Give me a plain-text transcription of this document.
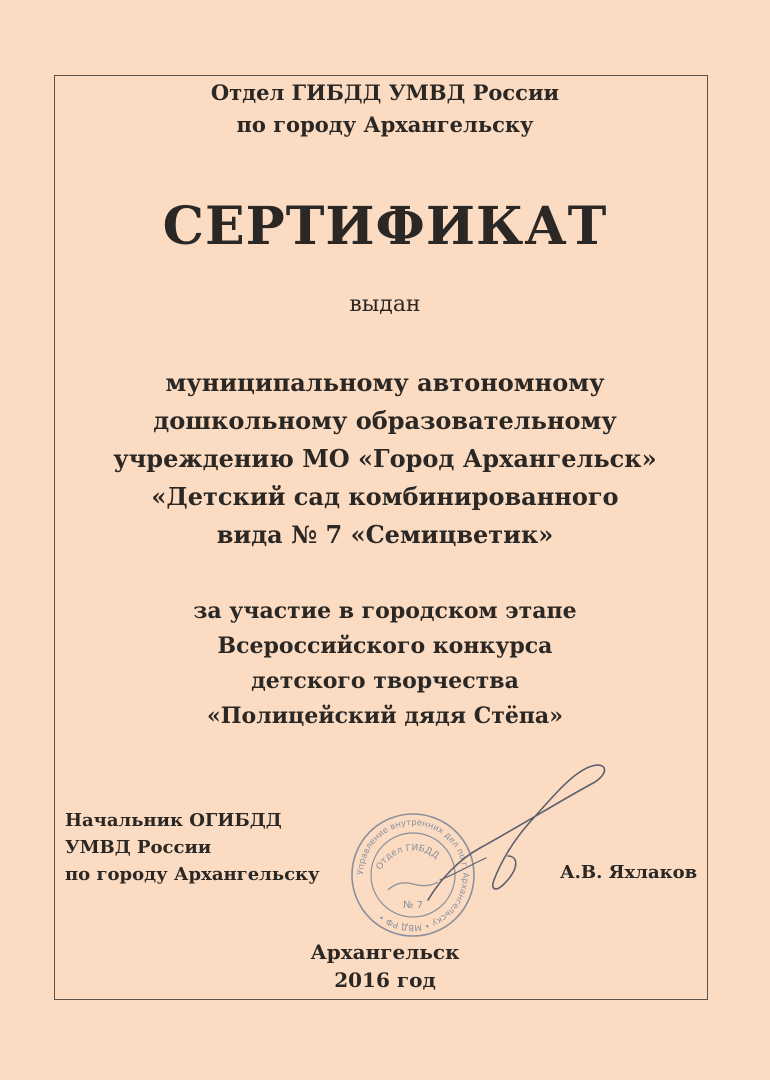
Отдел ГИБДД УМВД России
по городу Архангельску
СЕРТИФИКАТ
выдан
муниципальному автономному
дошкольному образовательному
учреждению МО «Город Архангельск»
«Детский сад комбинированного
вида № 7 «Семицветик»
за участие в городском этапе
Всероссийского конкурса
детского творчества
«Полицейский дядя Стёпа»
Начальник ОГИБДД
УМВД России
по городу Архангельску	Управление внутренних дел по г. Архангельску • МВД РФ •
Отдел ГИБДД
№ 7
А.В. Яхлаков
Архангельск
2016 год
